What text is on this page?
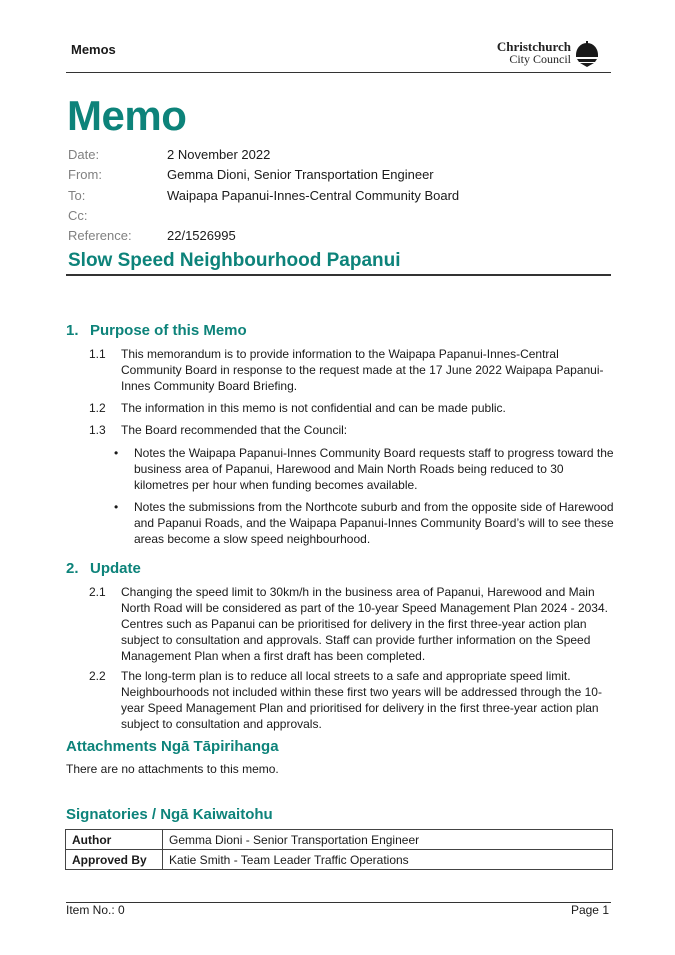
Memos	Christchurch
City Council
Memo
Date:	2 November 2022
From:	Gemma Dioni, Senior Transportation Engineer
To:	Waipapa Papanui-Innes-Central Community Board
Cc:
Reference:	22/1526995
Slow Speed Neighbourhood Papanui
1. Purpose of this Memo
1.1	This memorandum is to provide information to the Waipapa Papanui-Innes-Central Community Board in response to the request made at the 17 June 2022 Waipapa Papanui-Innes Community Board Briefing.
1.2	The information in this memo is not confidential and can be made public.
1.3	The Board recommended that the Council:
• Notes the Waipapa Papanui-Innes Community Board requests staff to progress toward the business area of Papanui, Harewood and Main North Roads being reduced to 30 kilometres per hour when funding becomes available.
• Notes the submissions from the Northcote suburb and from the opposite side of Harewood and Papanui Roads, and the Waipapa Papanui-Innes Community Board’s will to see these areas become a slow speed neighbourhood.
2. Update
2.1	Changing the speed limit to 30km/h in the business area of Papanui, Harewood and Main North Road will be considered as part of the 10-year Speed Management Plan 2024 - 2034. Centres such as Papanui can be prioritised for delivery in the first three-year action plan subject to consultation and approvals. Staff can provide further information on the Speed Management Plan when a first draft has been completed.
2.2	The long-term plan is to reduce all local streets to a safe and appropriate speed limit. Neighbourhoods not included within these first two years will be addressed through the 10-year Speed Management Plan and prioritised for delivery in the first three-year action plan subject to consultation and approvals.
Attachments Ngā Tāpirihanga
There are no attachments to this memo.
Signatories / Ngā Kaiwaitohu
Author	Gemma Dioni - Senior Transportation Engineer
Approved By	Katie Smith - Team Leader Traffic Operations
Item No.: 0	Page 1
